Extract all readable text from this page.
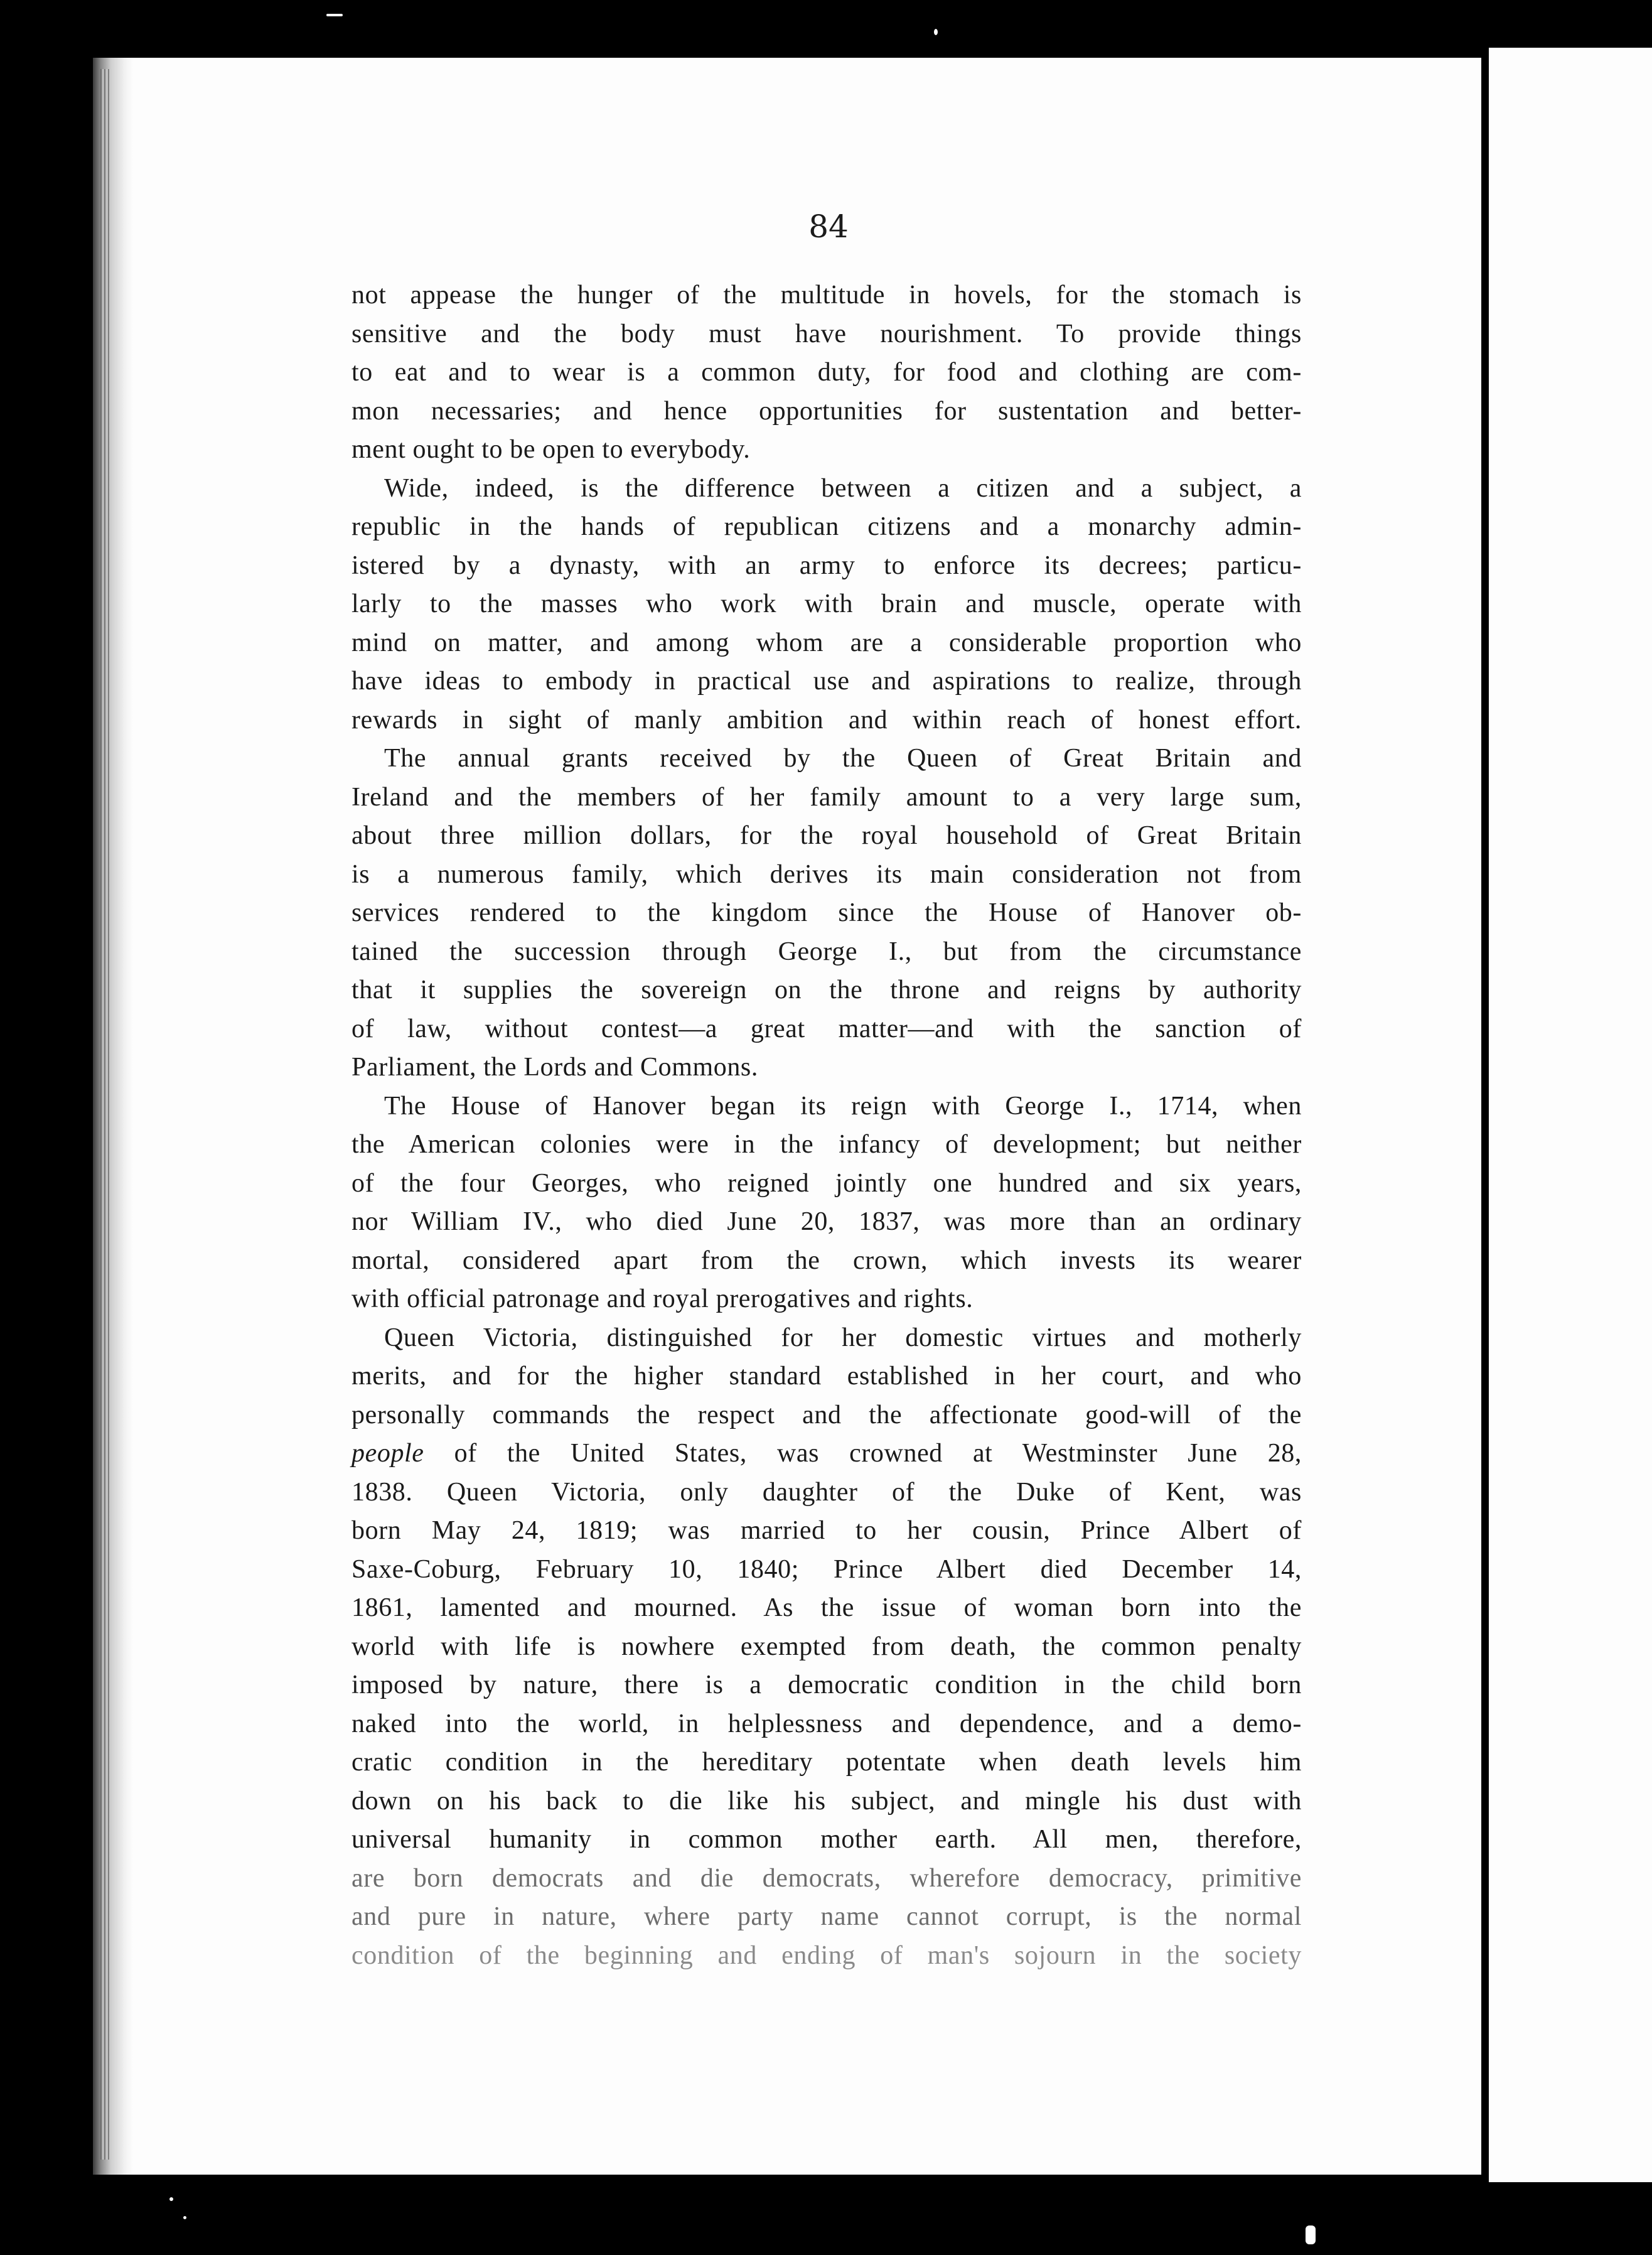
84
not appease the hunger of the multitude in hovels, for the stomach is
sensitive and the body must have nourishment. To provide things
to eat and to wear is a common duty, for food and clothing are com-
mon necessaries; and hence opportunities for sustentation and better-
ment ought to be open to everybody.
Wide, indeed, is the difference between a citizen and a subject, a
republic in the hands of republican citizens and a monarchy admin-
istered by a dynasty, with an army to enforce its decrees; particu-
larly to the masses who work with brain and muscle, operate with
mind on matter, and among whom are a considerable proportion who
have ideas to embody in practical use and aspirations to realize, through
rewards in sight of manly ambition and within reach of honest effort.
The annual grants received by the Queen of Great Britain and
Ireland and the members of her family amount to a very large sum,
about three million dollars, for the royal household of Great Britain
is a numerous family, which derives its main consideration not from
services rendered to the kingdom since the House of Hanover ob-
tained the succession through George I., but from the circumstance
that it supplies the sovereign on the throne and reigns by authority
of law, without contest—a great matter—and with the sanction of
Parliament, the Lords and Commons.
The House of Hanover began its reign with George I., 1714, when
the American colonies were in the infancy of development; but neither
of the four Georges, who reigned jointly one hundred and six years,
nor William IV., who died June 20, 1837, was more than an ordinary
mortal, considered apart from the crown, which invests its wearer
with official patronage and royal prerogatives and rights.
Queen Victoria, distinguished for her domestic virtues and motherly
merits, and for the higher standard established in her court, and who
personally commands the respect and the affectionate good-will of the
people of the United States, was crowned at Westminster June 28,
1838. Queen Victoria, only daughter of the Duke of Kent, was
born May 24, 1819; was married to her cousin, Prince Albert of
Saxe-Coburg, February 10, 1840; Prince Albert died December 14,
1861, lamented and mourned. As the issue of woman born into the
world with life is nowhere exempted from death, the common penalty
imposed by nature, there is a democratic condition in the child born
naked into the world, in helplessness and dependence, and a demo-
cratic condition in the hereditary potentate when death levels him
down on his back to die like his subject, and mingle his dust with
universal humanity in common mother earth. All men, therefore,
are born democrats and die democrats, wherefore democracy, primitive
and pure in nature, where party name cannot corrupt, is the normal
condition of the beginning and ending of man's sojourn in the society
